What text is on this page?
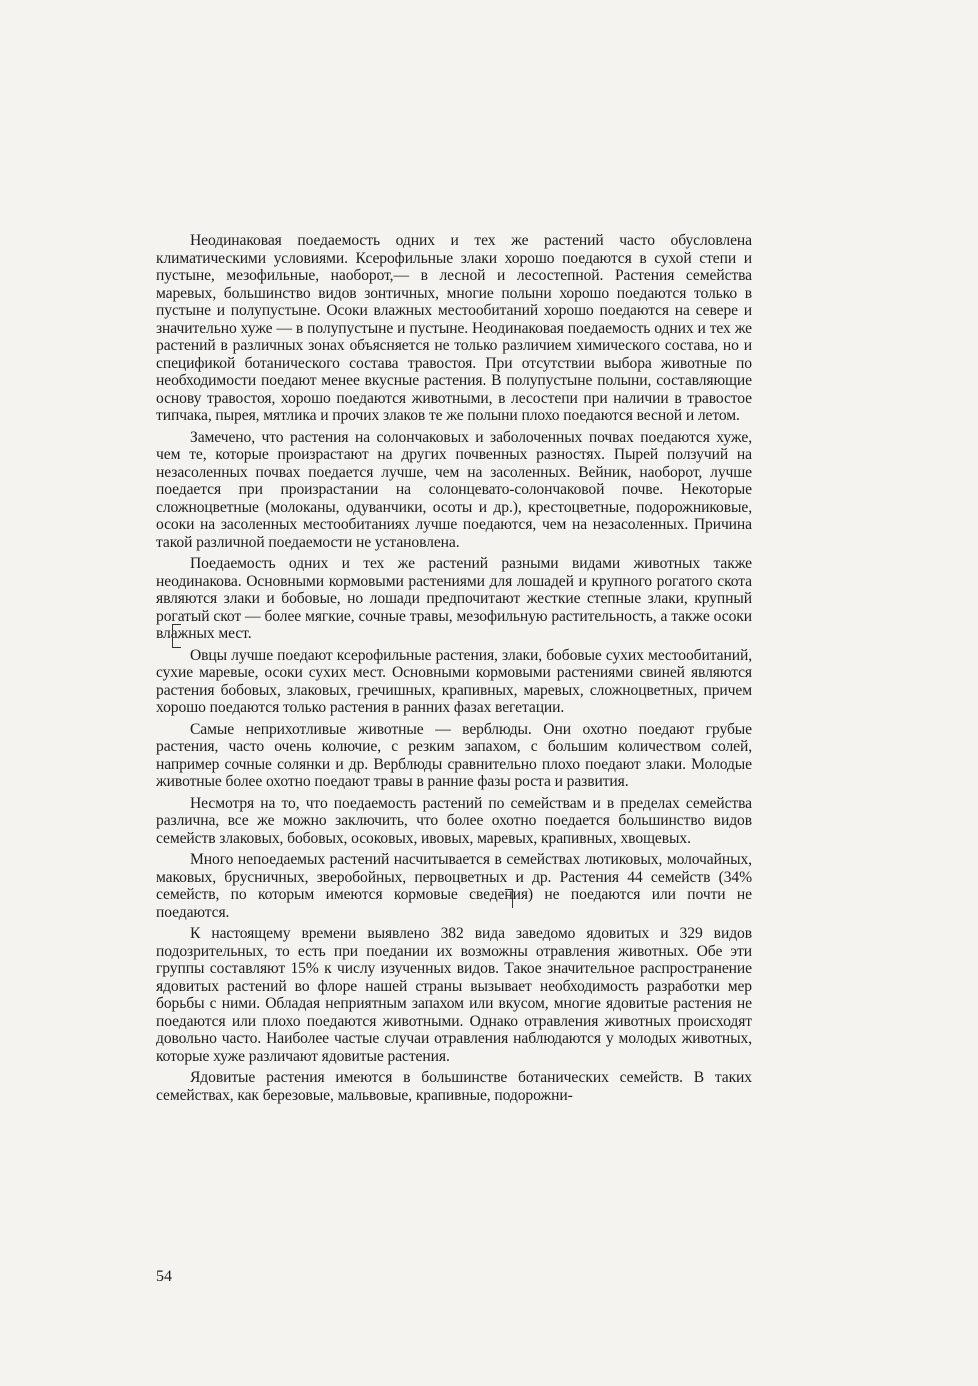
Неодинаковая поедаемость одних и тех же растений часто обусловлена климатическими условиями. Ксерофильные злаки хорошо поедаются в сухой степи и пустыне, мезофильные, наоборот,— в лесной и лесостепной. Растения семейства маревых, большинство видов зонтичных, многие полыни хорошо поедаются только в пустыне и полупустыне. Осоки влажных местообитаний хорошо поедаются на севере и значительно хуже — в полупустыне и пустыне. Неодинаковая поедаемость одних и тех же растений в различных зонах объясняется не только различием химического состава, но и спецификой ботанического состава травостоя. При отсутствии выбора животные по необходимости поедают менее вкусные растения. В полупустыне полыни, составляющие основу травостоя, хорошо поедаются животными, в лесостепи при наличии в травостое типчака, пырея, мятлика и прочих злаков те же полыни плохо поедаются весной и летом.

Замечено, что растения на солончаковых и заболоченных почвах поедаются хуже, чем те, которые произрастают на других почвенных разностях. Пырей ползучий на незасоленных почвах поедается лучше, чем на засоленных. Вейник, наоборот, лучше поедается при произрастании на солонцевато-солончаковой почве. Некоторые сложноцветные (молоканы, одуванчики, осоты и др.), крестоцветные, подорожниковые, осоки на засоленных местообитаниях лучше поедаются, чем на незасоленных. Причина такой различной поедаемости не установлена.

Поедаемость одних и тех же растений разными видами животных также неодинакова. Основными кормовыми растениями для лошадей и крупного рогатого скота являются злаки и бобовые, но лошади предпочитают жесткие степные злаки, крупный рогатый скот — более мягкие, сочные травы, мезофильную растительность, а также осоки влажных мест.

Овцы лучше поедают ксерофильные растения, злаки, бобовые сухих местообитаний, сухие маревые, осоки сухих мест. Основными кормовыми растениями свиней являются растения бобовых, злаковых, гречишных, крапивных, маревых, сложноцветных, причем хорошо поедаются только растения в ранних фазах вегетации.

Самые неприхотливые животные — верблюды. Они охотно поедают грубые растения, часто очень колючие, с резким запахом, с большим количеством солей, например сочные солянки и др. Верблюды сравнительно плохо поедают злаки. Молодые животные более охотно поедают травы в ранние фазы роста и развития.

Несмотря на то, что поедаемость растений по семействам и в пределах семейства различна, все же можно заключить, что более охотно поедается большинство видов семейств злаковых, бобовых, осоковых, ивовых, маревых, крапивных, хвощевых.

Много непоедаемых растений насчитывается в семействах лютиковых, молочайных, маковых, брусничных, зверобойных, первоцветных и др. Растения 44 семейств (34% семейств, по которым имеются кормовые сведения) не поедаются или почти не поедаются.

К настоящему времени выявлено 382 вида заведомо ядовитых и 329 видов подозрительных, то есть при поедании их возможны отравления животных. Обе эти группы составляют 15% к числу изученных видов. Такое значительное распространение ядовитых растений во флоре нашей страны вызывает необходимость разработки мер борьбы с ними. Обладая неприятным запахом или вкусом, многие ядовитые растения не поедаются или плохо поедаются животными. Однако отравления животных происходят довольно часто. Наиболее частые случаи отравления наблюдаются у молодых животных, которые хуже различают ядовитые растения.

Ядовитые растения имеются в большинстве ботанических семейств. В таких семействах, как березовые, мальвовые, крапивные, подорожни-

54
